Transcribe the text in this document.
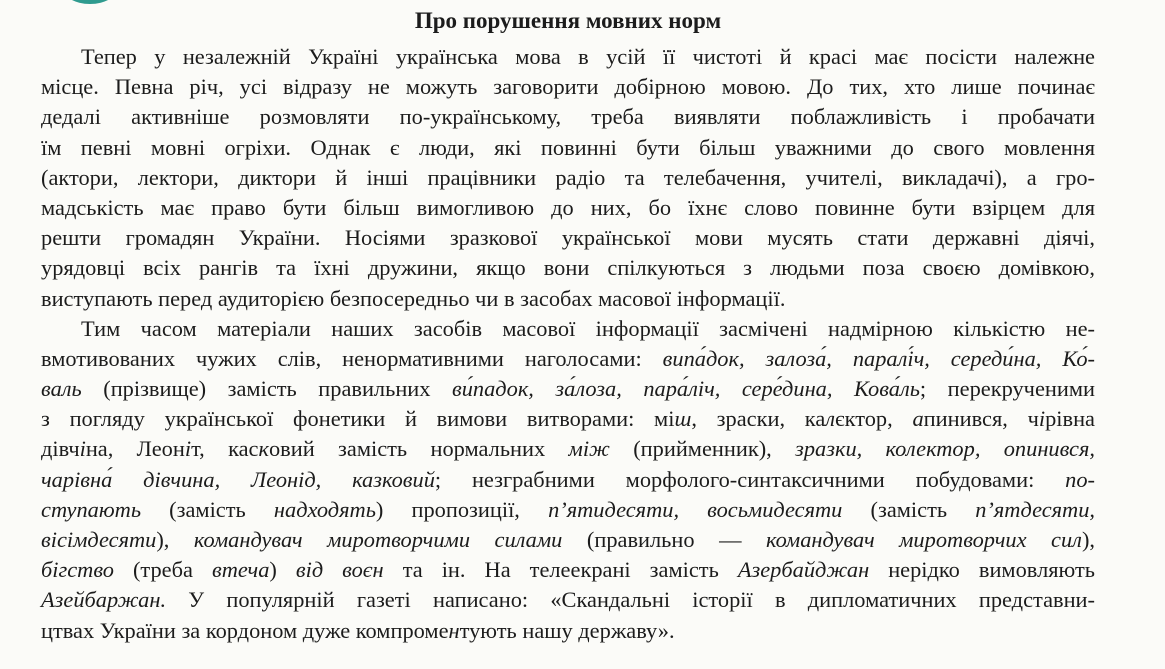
Про порушення мовних норм
Тепер у незалежній Україні українська мова в усій її чистоті й красі має посісти належне
місце. Певна річ, усі відразу не можуть заговорити добірною мовою. До тих, хто лише починає
дедалі активніше розмовляти по-українському, треба виявляти поблажливість і пробачати
їм певні мовні огріхи. Однак є люди, які повинні бути більш уважними до свого мовлення
(актори, лектори, диктори й інші працівники радіо та телебачення, учителі, викладачі), а гро-
мадськість має право бути більш вимогливою до них, бо їхнє слово повинне бути взірцем для
решти громадян України. Носіями зразкової української мови мусять стати державні діячі,
урядовці всіх рангів та їхні дружини, якщо вони спілкуються з людьми поза своєю домівкою,
виступають перед аудиторією безпосередньо чи в засобах масової інформації.
Тим часом матеріали наших засобів масової інформації засмічені надмірною кількістю не-
вмотивованих чужих слів, ненормативними наголосами: випа́док, залоза́, паралі́ч, середи́на, Ко́-
валь (прізвище) замість правильних ви́падок, за́лоза, пара́ліч, сере́дина, Кова́ль; перекрученими
з погляду української фонетики й вимови витворами: міш, зраски, калєктор, апинився, чірівна
дівчіна, Леоніт, касковий замість нормальних між (прийменник), зразки, колектор, опинився,
чарівна́ дівчина, Леонід, казковий; незграбними морфолого-синтаксичними побудовами: по-
ступають (замість надходять) пропозиції, п’ятидесяти, восьмидесяти (замість п’ятдесяти,
вісімдесяти), командувач миротворчими силами (правильно — командувач миротворчих сил),
бігство (треба втеча) від воєн та ін. На телеекрані замість Азербайджан нерідко вимовляють
Азейбаржан. У популярній газеті написано: «Скандальні історії в дипломатичних представни-
цтвах України за кордоном дуже компроментують нашу державу».
